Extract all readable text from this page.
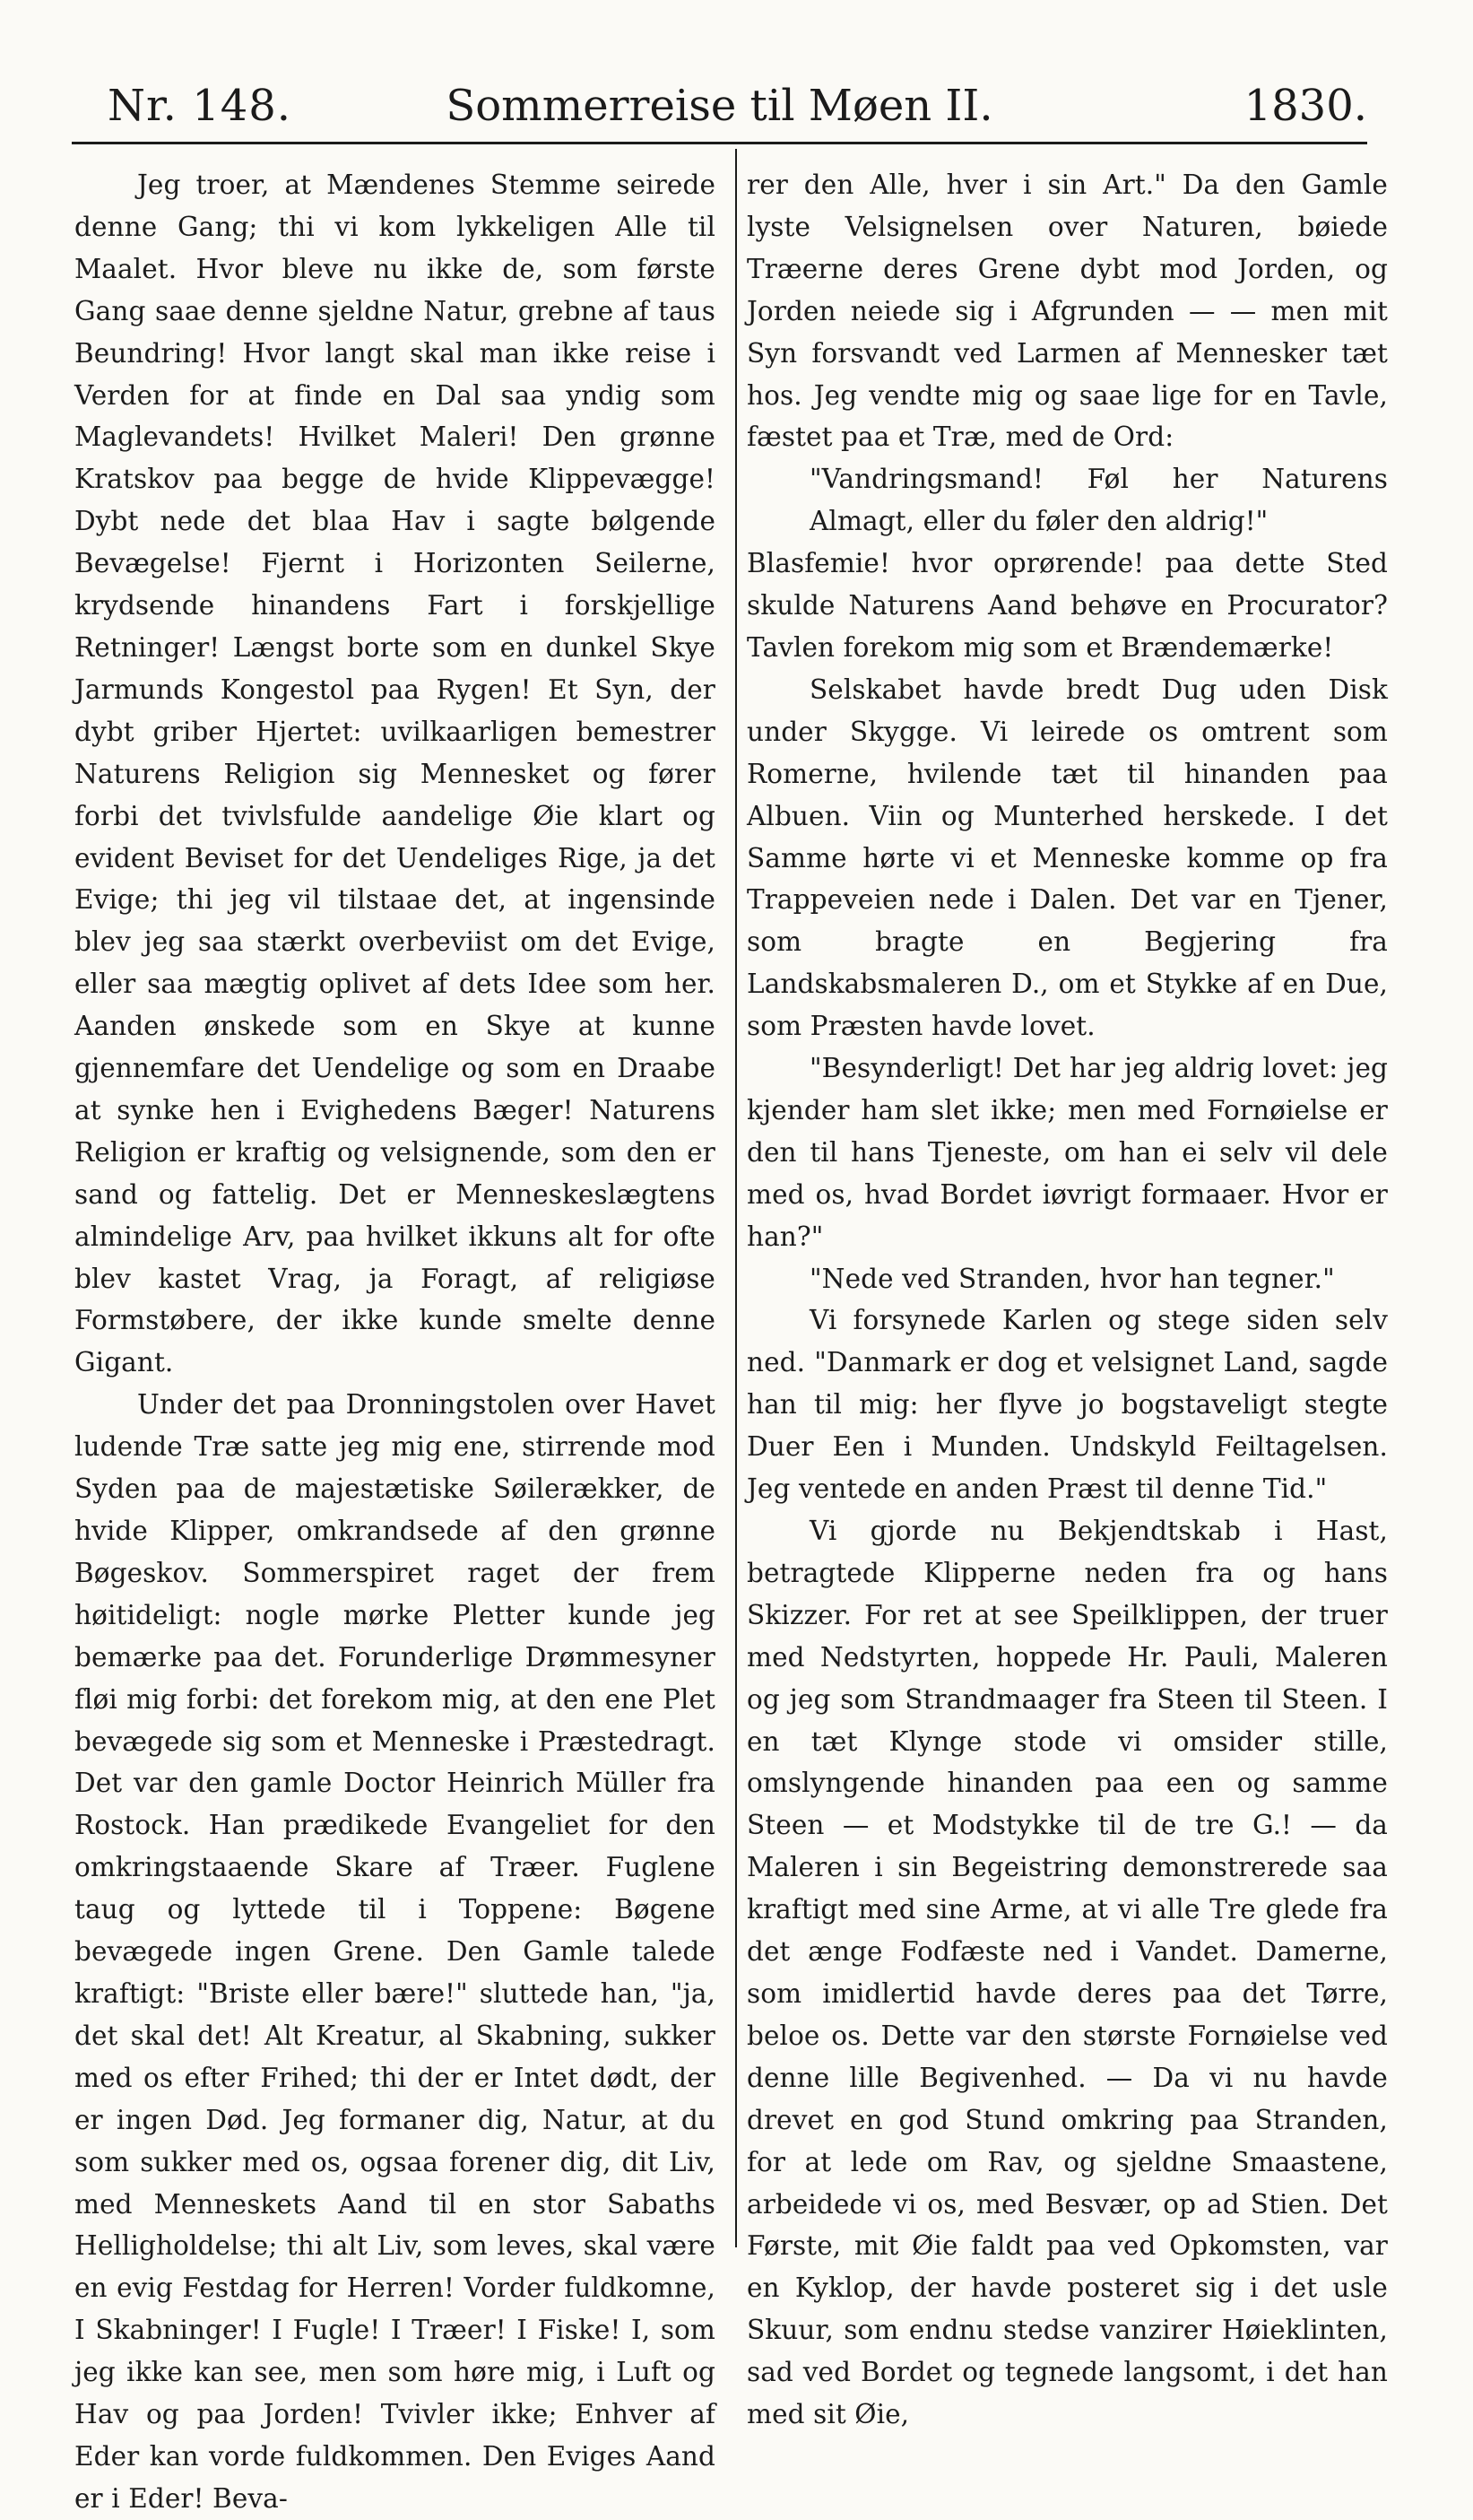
Nr. 148.	Sommerreise til Møen II.	1830.

Jeg troer, at Mændenes Stemme seirede denne Gang; thi vi kom lykkeligen Alle til Maalet. Hvor bleve nu ikke de, som første Gang saae denne sjeldne Natur, grebne af taus Beundring! Hvor langt skal man ikke reise i Verden for at finde en Dal saa yndig som Maglevandets! Hvilket Maleri! Den grønne Kratskov paa begge de hvide Klippevægge! Dybt nede det blaa Hav i sagte bølgende Bevægelse! Fjernt i Horizonten Seilerne, krydsende hinandens Fart i forskjellige Retninger! Længst borte som en dunkel Skye Jarmunds Kongestol paa Rygen! Et Syn, der dybt griber Hjertet: uvilkaarligen bemestrer Naturens Religion sig Mennesket og fører forbi det tvivlsfulde aandelige Øie klart og evident Beviset for det Uendeliges Rige, ja det Evige; thi jeg vil tilstaae det, at ingensinde blev jeg saa stærkt overbeviist om det Evige, eller saa mægtig oplivet af dets Idee som her. Aanden ønskede som en Skye at kunne gjennemfare det Uendelige og som en Draabe at synke hen i Evighedens Bæger! Naturens Religion er kraftig og velsignende, som den er sand og fattelig. Det er Menneskeslægtens almindelige Arv, paa hvilket ikkuns alt for ofte blev kastet Vrag, ja Foragt, af religiøse Formstøbere, der ikke kunde smelte denne Gigant.

Under det paa Dronningstolen over Havet ludende Træ satte jeg mig ene, stirrende mod Syden paa de majestætiske Søilerækker, de hvide Klipper, omkrandsede af den grønne Bøgeskov. Sommerspiret raget der frem høitideligt: nogle mørke Pletter kunde jeg bemærke paa det. Forunderlige Drømmesyner fløi mig forbi: det forekom mig, at den ene Plet bevægede sig som et Menneske i Præstedragt. Det var den gamle Doctor Heinrich Müller fra Rostock. Han prædikede Evangeliet for den omkringstaaende Skare af Træer. Fuglene taug og lyttede til i Toppene: Bøgene bevægede ingen Grene. Den Gamle talede kraftigt: "Briste eller bære!" sluttede han, "ja, det skal det! Alt Kreatur, al Skabning, sukker med os efter Frihed; thi der er Intet dødt, der er ingen Død. Jeg formaner dig, Natur, at du som sukker med os, ogsaa forener dig, dit Liv, med Menneskets Aand til en stor Sabaths Helligholdelse; thi alt Liv, som leves, skal være en evig Festdag for Herren! Vorder fuldkomne, I Skabninger! I Fugle! I Træer! I Fiske! I, som jeg ikke kan see, men som høre mig, i Luft og Hav og paa Jorden! Tvivler ikke; Enhver af Eder kan vorde fuldkommen. Den Eviges Aand er i Eder! Beva-

rer den Alle, hver i sin Art." Da den Gamle lyste Velsignelsen over Naturen, bøiede Træerne deres Grene dybt mod Jorden, og Jorden neiede sig i Afgrunden — — men mit Syn forsvandt ved Larmen af Mennesker tæt hos. Jeg vendte mig og saae lige for en Tavle, fæstet paa et Træ, med de Ord:

"Vandringsmand! Føl her Naturens Almagt, eller du føler den aldrig!"

Blasfemie! hvor oprørende! paa dette Sted skulde Naturens Aand behøve en Procurator? Tavlen forekom mig som et Brændemærke!

Selskabet havde bredt Dug uden Disk under Skygge. Vi leirede os omtrent som Romerne, hvilende tæt til hinanden paa Albuen. Viin og Munterhed herskede. I det Samme hørte vi et Menneske komme op fra Trappeveien nede i Dalen. Det var en Tjener, som bragte en Begjering fra Landskabsmaleren D., om et Stykke af en Due, som Præsten havde lovet.

"Besynderligt! Det har jeg aldrig lovet: jeg kjender ham slet ikke; men med Fornøielse er den til hans Tjeneste, om han ei selv vil dele med os, hvad Bordet iøvrigt formaaer. Hvor er han?"

"Nede ved Stranden, hvor han tegner."

Vi forsynede Karlen og stege siden selv ned. "Danmark er dog et velsignet Land, sagde han til mig: her flyve jo bogstaveligt stegte Duer Een i Munden. Undskyld Feiltagelsen. Jeg ventede en anden Præst til denne Tid."

Vi gjorde nu Bekjendtskab i Hast, betragtede Klipperne neden fra og hans Skizzer. For ret at see Speilklippen, der truer med Nedstyrten, hoppede Hr. Pauli, Maleren og jeg som Strandmaager fra Steen til Steen. I en tæt Klynge stode vi omsider stille, omslyngende hinanden paa een og samme Steen — et Modstykke til de tre G.! — da Maleren i sin Begeistring demonstrerede saa kraftigt med sine Arme, at vi alle Tre glede fra det ænge Fodfæste ned i Vandet. Damerne, som imidlertid havde deres paa det Tørre, beloe os. Dette var den største Fornøielse ved denne lille Begivenhed. — Da vi nu havde drevet en god Stund omkring paa Stranden, for at lede om Rav, og sjeldne Smaastene, arbeidede vi os, med Besvær, op ad Stien. Det Første, mit Øie faldt paa ved Opkomsten, var en Kyklop, der havde posteret sig i det usle Skuur, som endnu stedse vanzirer Høieklinten, sad ved Bordet og tegnede langsomt, i det han med sit Øie,
